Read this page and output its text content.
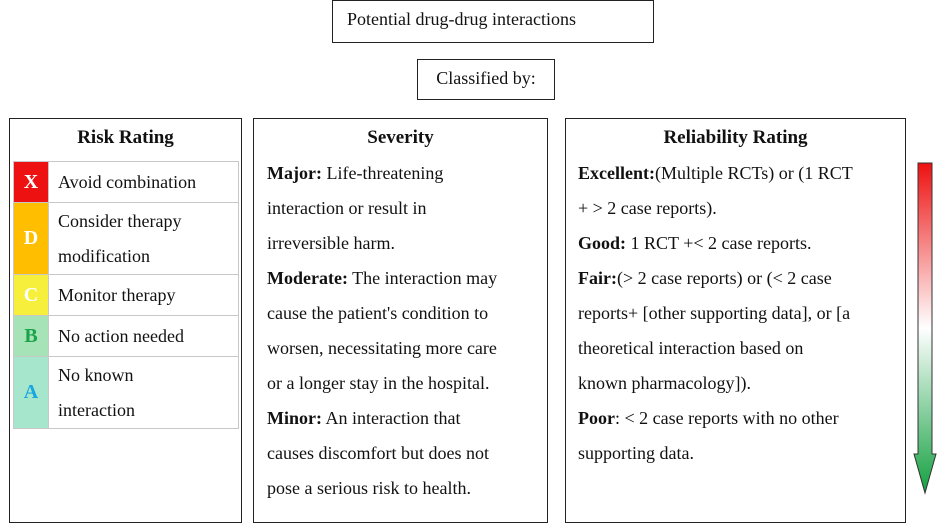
Potential drug-drug interactions
Classified by:
Risk Rating
X	Avoid combination

D	Consider therapy
modification

C	Monitor therapy

B	No action needed

A	No known
interaction
Severity
Major: Life-threatening
interaction or result in
irreversible harm.
Moderate: The interaction may
cause the patient's condition to
worsen, necessitating more care
or a longer stay in the hospital.
Minor: An interaction that
causes discomfort but does not
pose a serious risk to health.
Reliability Rating
Excellent:(Multiple RCTs) or (1 RCT
+ > 2 case reports).
Good: 1 RCT +< 2 case reports.
Fair:(> 2 case reports) or (< 2 case
reports+ [other supporting data], or [a
theoretical interaction based on
known pharmacology]).
Poor: < 2 case reports with no other
supporting data.
